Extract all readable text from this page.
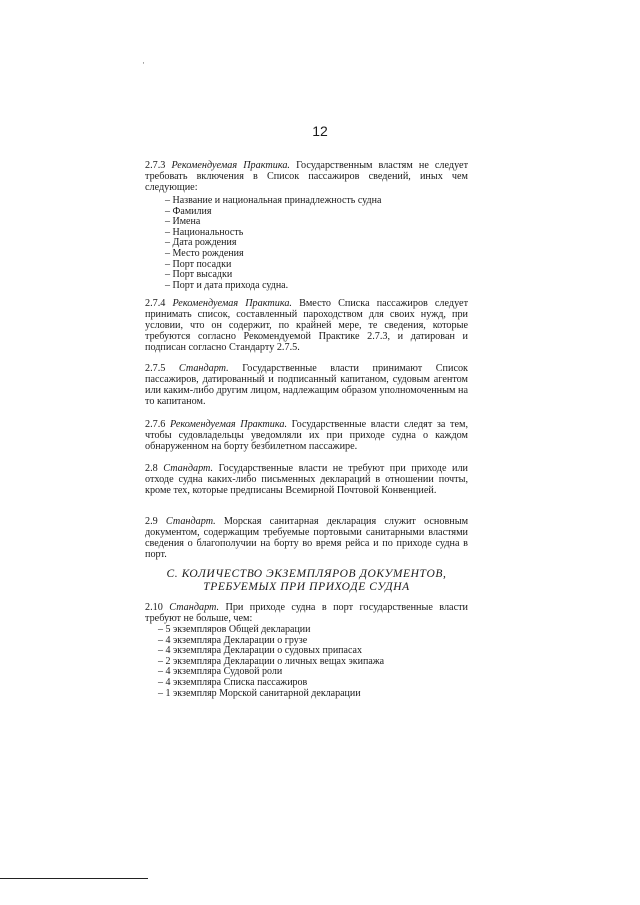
·
12
2.7.3 Рекомендуемая Практика. Государственным властям не следует требовать включения в Список пассажиров сведений, иных чем следующие:
– Название и национальная принадлежность судна
– Фамилия
– Имена
– Национальность
– Дата рождения
– Место рождения
– Порт посадки
– Порт высадки
– Порт и дата прихода судна.
2.7.4 Рекомендуемая Практика. Вместо Списка пассажиров следует принимать список, составленный пароходством для своих нужд, при условии, что он содержит, по крайней мере, те сведения, которые требуются согласно Рекомендуемой Практике 2.7.3, и датирован и подписан согласно Стандарту 2.7.5.
2.7.5 Стандарт. Государственные власти принимают Список пассажиров, датированный и подписанный капитаном, судовым агентом или каким-либо другим лицом, надлежащим образом уполномоченным на то капитаном.
2.7.6 Рекомендуемая Практика. Государственные власти следят за тем, чтобы судовладельцы уведомляли их при приходе судна о каждом обнаруженном на борту безбилетном пассажире.
2.8 Стандарт. Государственные власти не требуют при приходе или отходе судна каких-либо письменных деклараций в отношении почты, кроме тех, которые предписаны Всемирной Почтовой Конвенцией.
2.9 Стандарт. Морская санитарная декларация служит основным документом, содержащим требуемые портовыми санитарными властями сведения о благополучии на борту во время рейса и по приходе судна в порт.
C. КОЛИЧЕСТВО ЭКЗЕМПЛЯРОВ ДОКУМЕНТОВ,
ТРЕБУЕМЫХ ПРИ ПРИХОДЕ СУДНА
2.10 Стандарт. При приходе судна в порт государственные власти требуют не больше, чем:
– 5 экземпляров Общей декларации
– 4 экземпляра Декларации о грузе
– 4 экземпляра Декларации о судовых припасах
– 2 экземпляра Декларации о личных вещах экипажа
– 4 экземпляра Судовой роли
– 4 экземпляра Списка пассажиров
– 1 экземпляр Морской санитарной декларации
